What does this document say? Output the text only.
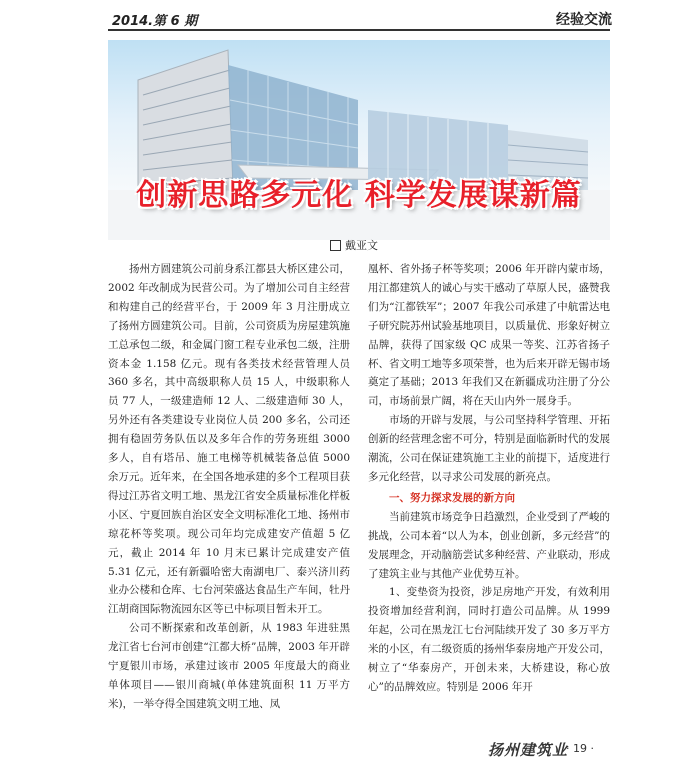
2014.第 6 期	经验交流
创新思路多元化 科学发展谋新篇
戴亚文

扬州方圆建筑公司前身系江都县大桥区建公司，2002 年改制成为民营公司。为了增加公司自主经营和构建自己的经营平台，于 2009 年 3 月注册成立了扬州方圆建筑公司。目前，公司资质为房屋建筑施工总承包二级，和金属门窗工程专业承包二级，注册资本金 1.158 亿元。现有各类技术经营管理人员 360 多名，其中高级职称人员 15 人，中级职称人员 77 人，一级建造师 12 人、二级建造师 30 人，另外还有各类建设专业岗位人员 200 多名，公司还拥有稳固劳务队伍以及多年合作的劳务班组 3000 多人，自有塔吊、施工电梯等机械装备总值 5000 余万元。近年来，在全国各地承建的多个工程项目获得过江苏省文明工地、黑龙江省安全质量标准化样板小区、宁夏回族自治区安全文明标准化工地、扬州市琼花杯等奖项。现公司年均完成建安产值超 5 亿元，截止 2014 年 10 月末已累计完成建安产值 5.31 亿元，还有新疆哈密大南湖电厂、泰兴济川药业办公楼和仓库、七台河荣盛达食品生产车间，牡丹江胡商国际物流园东区等已中标项目暂未开工。

公司不断探索和改革创新，从 1983 年进驻黑龙江省七台河市创建“江都大桥”品牌，2003 年开辟宁夏银川市场，承建过该市 2005 年度最大的商业单体项目——银川商城(单体建筑面积 11 万平方米)，一举夺得全国建筑文明工地、凤

凰杯、省外扬子杯等奖项；2006 年开辟内蒙市场，用江都建筑人的诚心与实干感动了草原人民，盛赞我们为“江都铁军”；2007 年我公司承建了中航雷达电子研究院苏州试验基地项目，以质量优、形象好树立品牌，获得了国家级 QC 成果一等奖、江苏省扬子杯、省文明工地等多项荣誉，也为后来开辟无锡市场奠定了基础；2013 年我们又在新疆成功注册了分公司，市场前景广阔，将在天山内外一展身手。

市场的开辟与发展，与公司坚持科学管理、开拓创新的经营理念密不可分，特别是面临新时代的发展潮流，公司在保证建筑施工主业的前提下，适度进行多元化经营，以寻求公司发展的新亮点。

一、努力探求发展的新方向

当前建筑市场竞争日趋激烈，企业受到了严峻的挑战，公司本着“以人为本，创业创新，多元经营”的发展理念，开动脑筋尝试多种经营、产业联动，形成了建筑主业与其他产业优势互补。

1、变垫资为投资，涉足房地产开发，有效利用投资增加经营利润，同时打造公司品牌。从 1999 年起，公司在黑龙江七台河陆续开发了 30 多万平方米的小区，有二级资质的扬州华泰房地产开发公司，树立了“华泰房产，开创未来，大桥建设，称心放心”的品牌效应。特别是 2006 年开

扬州建筑业
· 19 ·
